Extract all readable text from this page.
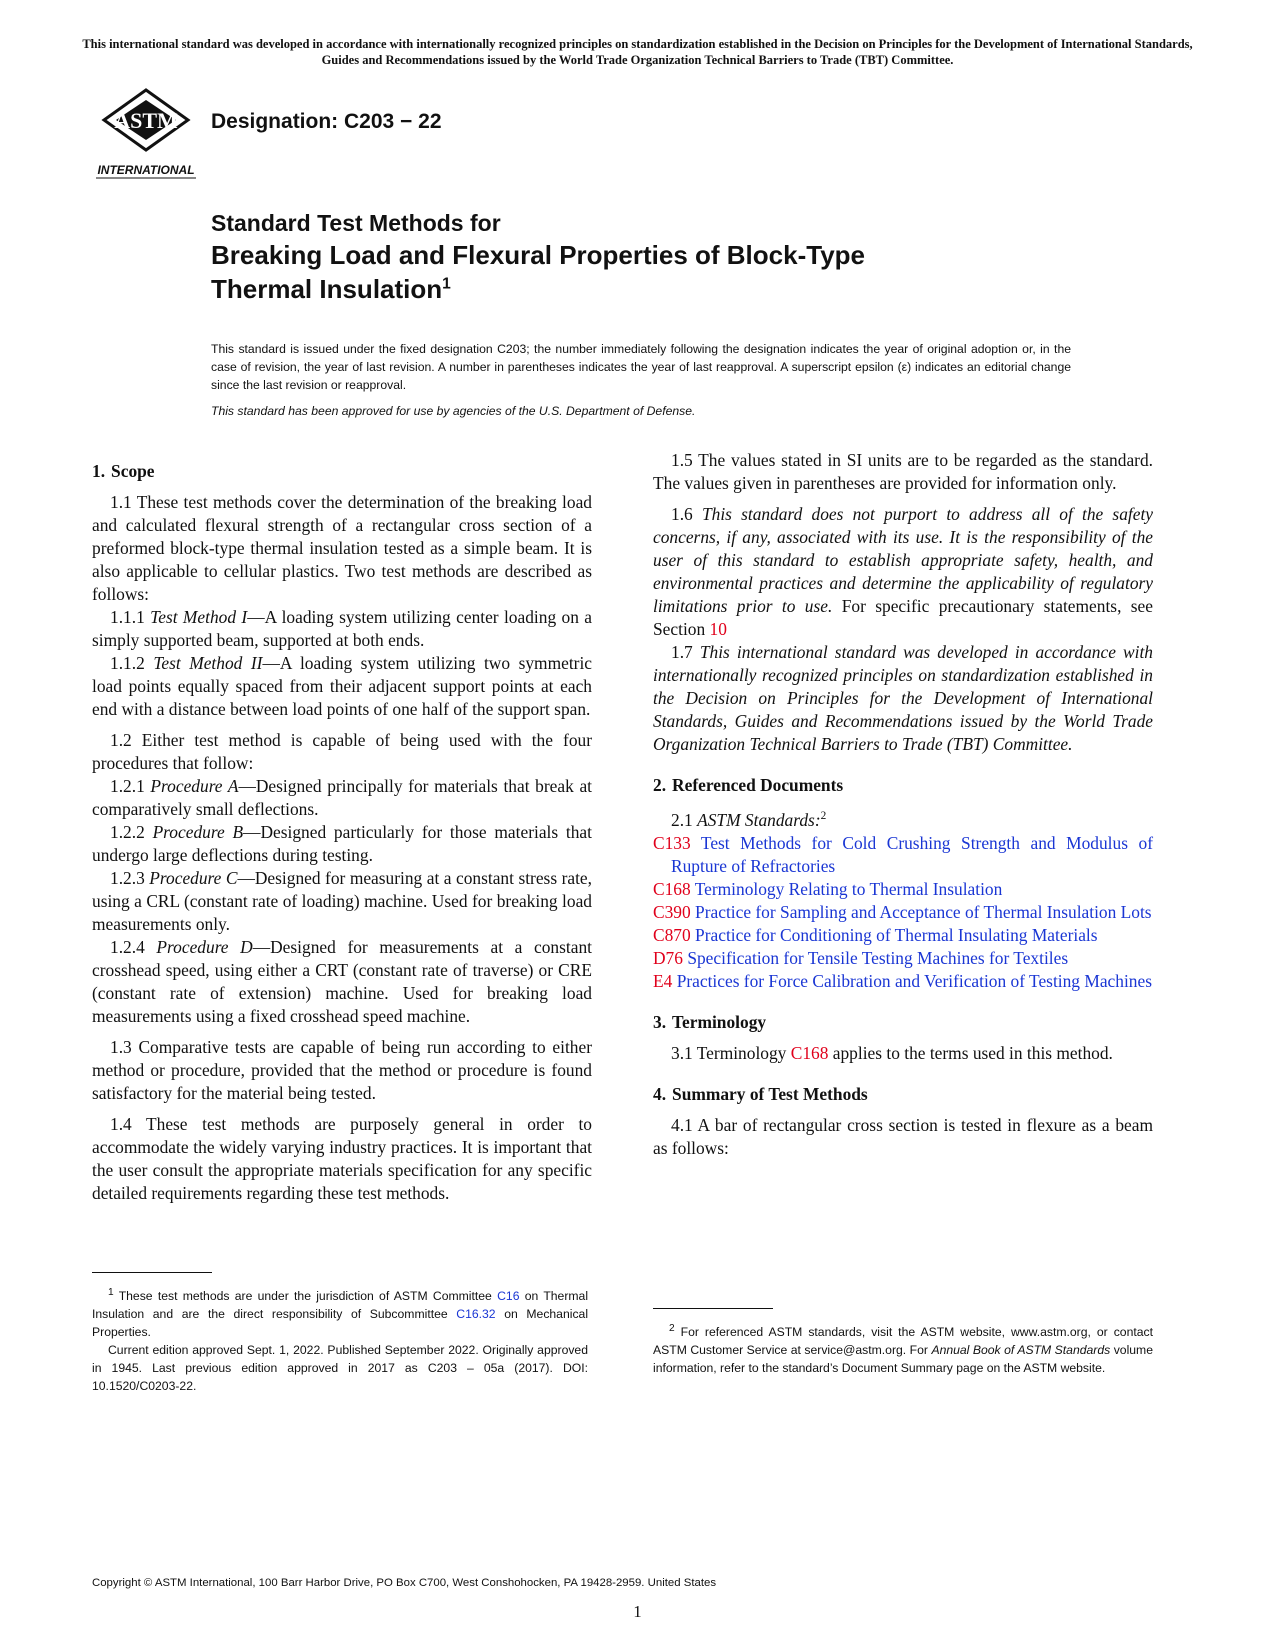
This international standard was developed in accordance with internationally recognized principles on standardization established in the Decision on Principles for the Development of International Standards, Guides and Recommendations issued by the World Trade Organization Technical Barriers to Trade (TBT) Committee.
ASTM
INTERNATIONAL
Designation: C203 − 22
Standard Test Methods for
Breaking Load and Flexural Properties of Block-Type
Thermal Insulation$^1$
This standard is issued under the fixed designation C203; the number immediately following the designation indicates the year of original adoption or, in the case of revision, the year of last revision. A number in parentheses indicates the year of last reapproval. A superscript epsilon (ε) indicates an editorial change since the last revision or reapproval.
This standard has been approved for use by agencies of the U.S. Department of Defense.
1. Scope

1.1 These test methods cover the determination of the breaking load and calculated flexural strength of a rectangular cross section of a preformed block-type thermal insulation tested as a simple beam. It is also applicable to cellular plastics. Two test methods are described as follows:

1.1.1 Test Method I—A loading system utilizing center loading on a simply supported beam, supported at both ends.

1.1.2 Test Method II—A loading system utilizing two symmetric load points equally spaced from their adjacent support points at each end with a distance between load points of one half of the support span.

1.2 Either test method is capable of being used with the four procedures that follow:

1.2.1 Procedure A—Designed principally for materials that break at comparatively small deflections.

1.2.2 Procedure B—Designed particularly for those materials that undergo large deflections during testing.

1.2.3 Procedure C—Designed for measuring at a constant stress rate, using a CRL (constant rate of loading) machine. Used for breaking load measurements only.

1.2.4 Procedure D—Designed for measurements at a constant crosshead speed, using either a CRT (constant rate of traverse) or CRE (constant rate of extension) machine. Used for breaking load measurements using a fixed crosshead speed machine.

1.3 Comparative tests are capable of being run according to either method or procedure, provided that the method or procedure is found satisfactory for the material being tested.

1.4 These test methods are purposely general in order to accommodate the widely varying industry practices. It is important that the user consult the appropriate materials specification for any specific detailed requirements regarding these test methods.

$^1$ These test methods are under the jurisdiction of ASTM Committee C16 on Thermal Insulation and are the direct responsibility of Subcommittee C16.32 on Mechanical Properties.

Current edition approved Sept. 1, 2022. Published September 2022. Originally approved in 1945. Last previous edition approved in 2017 as C203 – 05a (2017). DOI: 10.1520/C0203-22.

1.5 The values stated in SI units are to be regarded as the standard. The values given in parentheses are provided for information only.

1.6 This standard does not purport to address all of the safety concerns, if any, associated with its use. It is the responsibility of the user of this standard to establish appropriate safety, health, and environmental practices and determine the applicability of regulatory limitations prior to use. For specific precautionary statements, see Section 10

1.7 This international standard was developed in accordance with internationally recognized principles on standardization established in the Decision on Principles for the Development of International Standards, Guides and Recommendations issued by the World Trade Organization Technical Barriers to Trade (TBT) Committee.

2. Referenced Documents

2.1 ASTM Standards:$^2$

C133 Test Methods for Cold Crushing Strength and Modulus of Rupture of Refractories

C168 Terminology Relating to Thermal Insulation

C390 Practice for Sampling and Acceptance of Thermal Insulation Lots

C870 Practice for Conditioning of Thermal Insulating Materials

D76 Specification for Tensile Testing Machines for Textiles

E4 Practices for Force Calibration and Verification of Testing Machines

3. Terminology

3.1 Terminology C168 applies to the terms used in this method.

4. Summary of Test Methods

4.1 A bar of rectangular cross section is tested in flexure as a beam as follows:

$^2$ For referenced ASTM standards, visit the ASTM website, www.astm.org, or contact ASTM Customer Service at service@astm.org. For Annual Book of ASTM Standards volume information, refer to the standard’s Document Summary page on the ASTM website.

Copyright © ASTM International, 100 Barr Harbor Drive, PO Box C700, West Conshohocken, PA 19428-2959. United States
1
